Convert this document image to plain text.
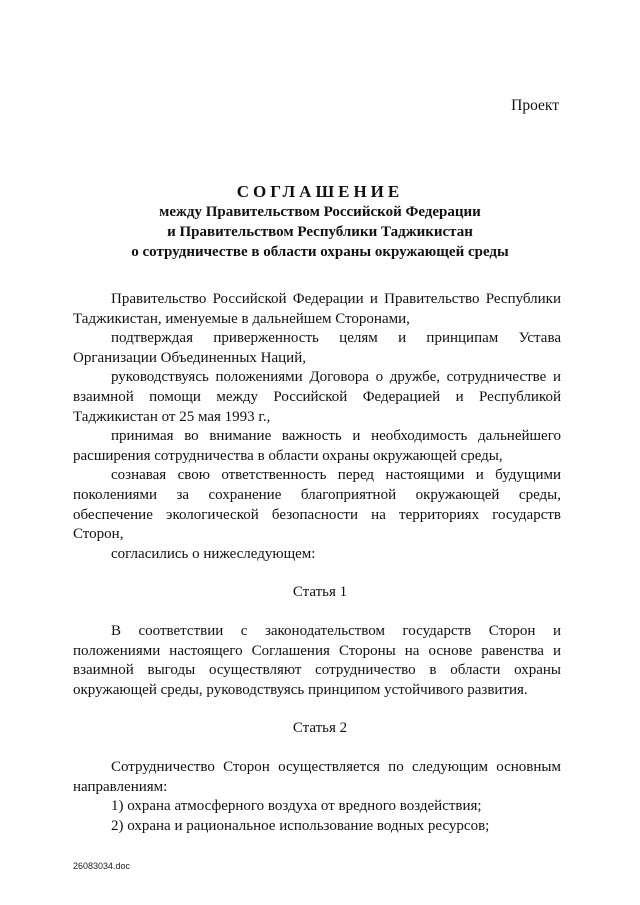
Проект
СОГЛАШЕНИЕ
между Правительством Российской Федерации
и Правительством Республики Таджикистан
о сотрудничестве в области охраны окружающей среды

Правительство Российской Федерации и Правительство Республики Таджикистан, именуемые в дальнейшем Сторонами,

подтверждая приверженность целям и принципам Устава Организации Объединенных Наций,

руководствуясь положениями Договора о дружбе, сотрудничестве и взаимной помощи между Российской Федерацией и Республикой Таджикистан от 25 мая 1993 г.,

принимая во внимание важность и необходимость дальнейшего расширения сотрудничества в области охраны окружающей среды,

сознавая свою ответственность перед настоящими и будущими поколениями за сохранение благоприятной окружающей среды, обеспечение экологической безопасности на территориях государств Сторон,

согласились о нижеследующем:

Статья 1

В соответствии с законодательством государств Сторон и положениями настоящего Соглашения Стороны на основе равенства и взаимной выгоды осуществляют сотрудничество в области охраны окружающей среды, руководствуясь принципом устойчивого развития.

Статья 2

Сотрудничество Сторон осуществляется по следующим основным направлениям:

1) охрана атмосферного воздуха от вредного воздействия;

2) охрана и рациональное использование водных ресурсов;

26083034.doc
